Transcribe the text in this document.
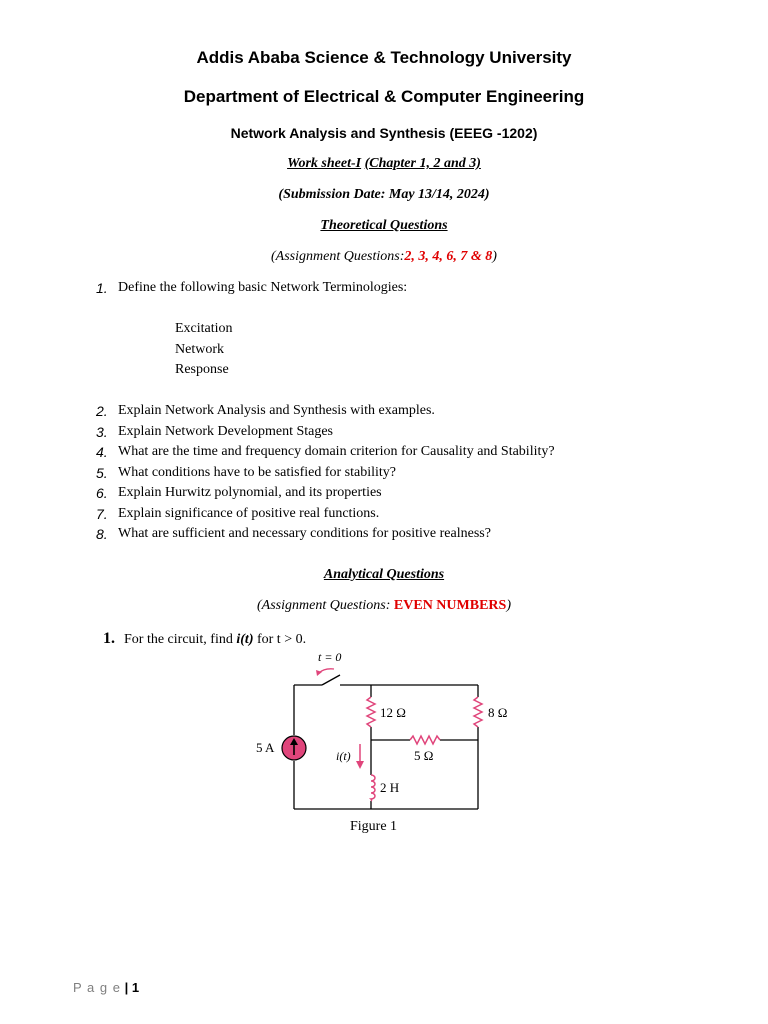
Addis Ababa Science & Technology University
Department of Electrical & Computer Engineering
Network Analysis and Synthesis (EEEG -1202)
Work sheet-I (Chapter 1, 2 and 3)
(Submission Date: May 13/14, 2024)
Theoretical Questions
(Assignment Questions:2, 3, 4, 6, 7 & 8)
1. Define the following basic Network Terminologies:
Excitation
Network
Response
2. Explain Network Analysis and Synthesis with examples.
3. Explain Network Development Stages
4. What are the time and frequency domain criterion for Causality and Stability?
5. What conditions have to be satisfied for stability?
6. Explain Hurwitz polynomial, and its properties
7. Explain significance of positive real functions.
8. What are sufficient and necessary conditions for positive realness?
Analytical Questions
(Assignment Questions: EVEN NUMBERS)
1. For the circuit, find i(t) for t > 0.
t = 0
5 A
12 Ω	8 Ω
5 Ω
i(t)
2 H
Figure 1
P a g e | 1
